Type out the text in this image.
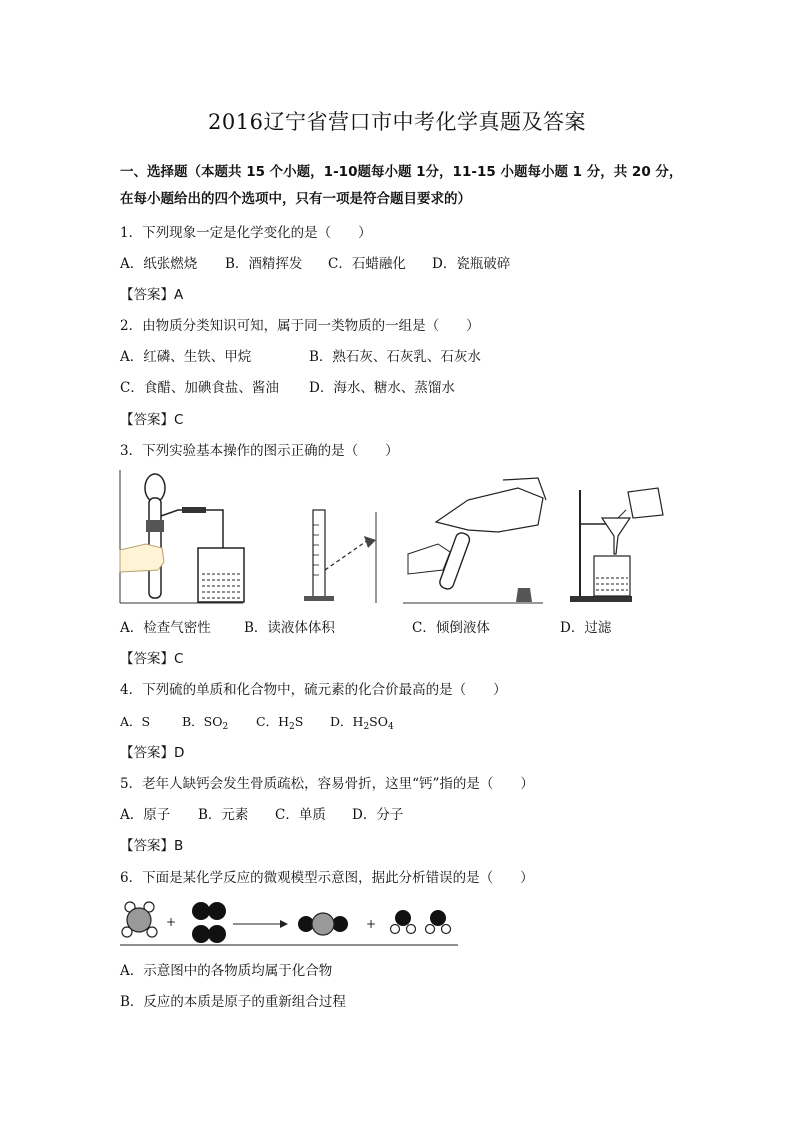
2016辽宁省营口市中考化学真题及答案
一、选择题（本题共 15 个小题，1-10题每小题 1分，11-15 小题每小题 1 分，共 20 分，
在每小题给出的四个选项中，只有一项是符合题目要求的）
1．下列现象一定是化学变化的是（　　）
A．纸张燃烧 B．酒精挥发 C．石蜡融化 D．瓷瓶破碎
【答案】A
2．由物质分类知识可知，属于同一类物质的一组是（　　）
A．红磷、生铁、甲烷	B．熟石灰、石灰乳、石灰水
C．食醋、加碘食盐、酱油 D．海水、糖水、蒸馏水
【答案】C
3．下列实验基本操作的图示正确的是（　　）
A．检查气密性 B．读液体体积	C．倾倒液体	D．过滤
【答案】C
4．下列硫的单质和化合物中，硫元素的化合价最高的是（　　）
A．S	B．$SO_2$ C．$H_2S$ D．$H_2SO_4$
【答案】D
5．老年人缺钙会发生骨质疏松，容易骨折，这里“钙”指的是（　　）
A．原子 B．元素 C．单质 D．分子
【答案】B
6．下面是某化学反应的微观模型示意图，据此分析错误的是（　　）
+	+
A．示意图中的各物质均属于化合物
B．反应的本质是原子的重新组合过程
